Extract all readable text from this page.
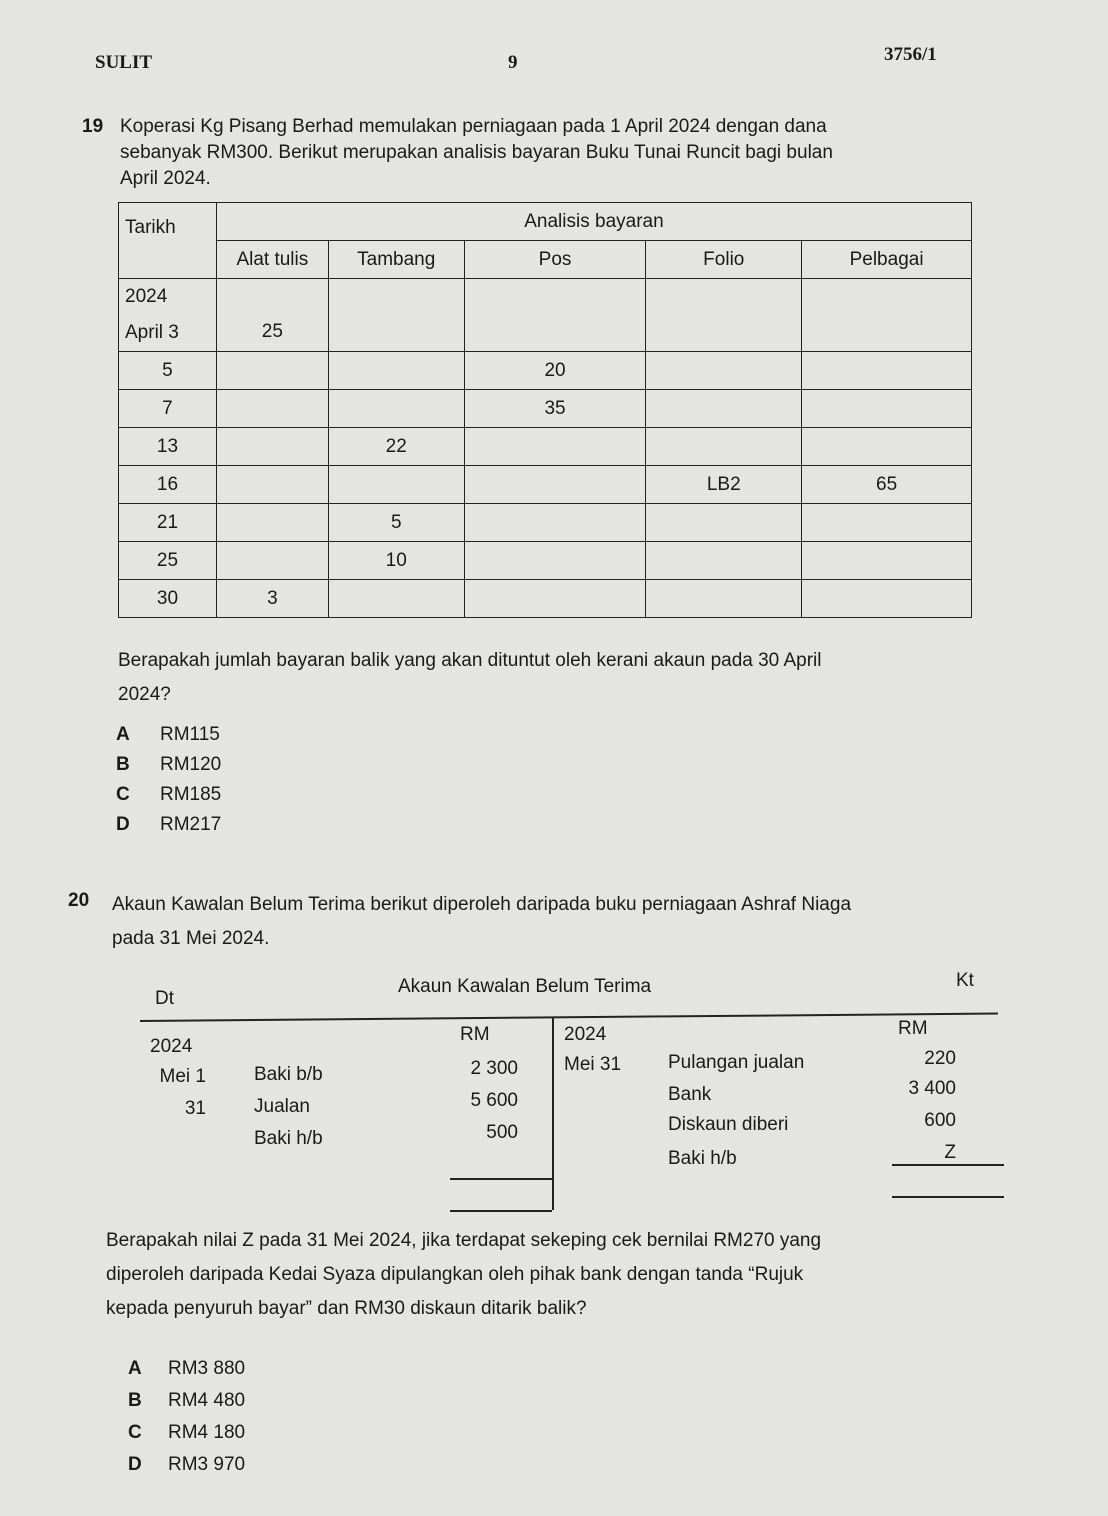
SULIT	9	3756/1
19 Koperasi Kg Pisang Berhad memulakan perniagaan pada 1 April 2024 dengan dana
sebanyak RM300. Berikut merupakan analisis bayaran Buku Tunai Runcit bagi bulan
April 2024.
Tarikh	Analisis bayaran				
	Alat tulis	Tambang	Pos	Folio	Pelbagai

2024
April 3	25				
5			20		
7			35		
13		22			
16				LB2	65
21		5			
25		10			
30	3				
Berapakah jumlah bayaran balik yang akan dituntut oleh kerani akaun pada 30 April
2024?
A RM115
B RM120
C RM185
D RM217
20 Akaun Kawalan Belum Terima berikut diperoleh daripada buku perniagaan Ashraf Niaga
pada 31 Mei 2024.
Dt
Akaun Kawalan Belum Terima	Kt
2024
RM
Mei 1	Baki b/b	2 300
31	Jualan	5 600
Baki h/b	500
2024	RM
Mei 31 Pulangan jualan	220
Bank	3 400
Diskaun diberi	600
Baki h/b	Z
Berapakah nilai Z pada 31 Mei 2024, jika terdapat sekeping cek bernilai RM270 yang
diperoleh daripada Kedai Syaza dipulangkan oleh pihak bank dengan tanda “Rujuk
kepada penyuruh bayar” dan RM30 diskaun ditarik balik?
A RM3 880
B RM4 480
C RM4 180
D RM3 970
